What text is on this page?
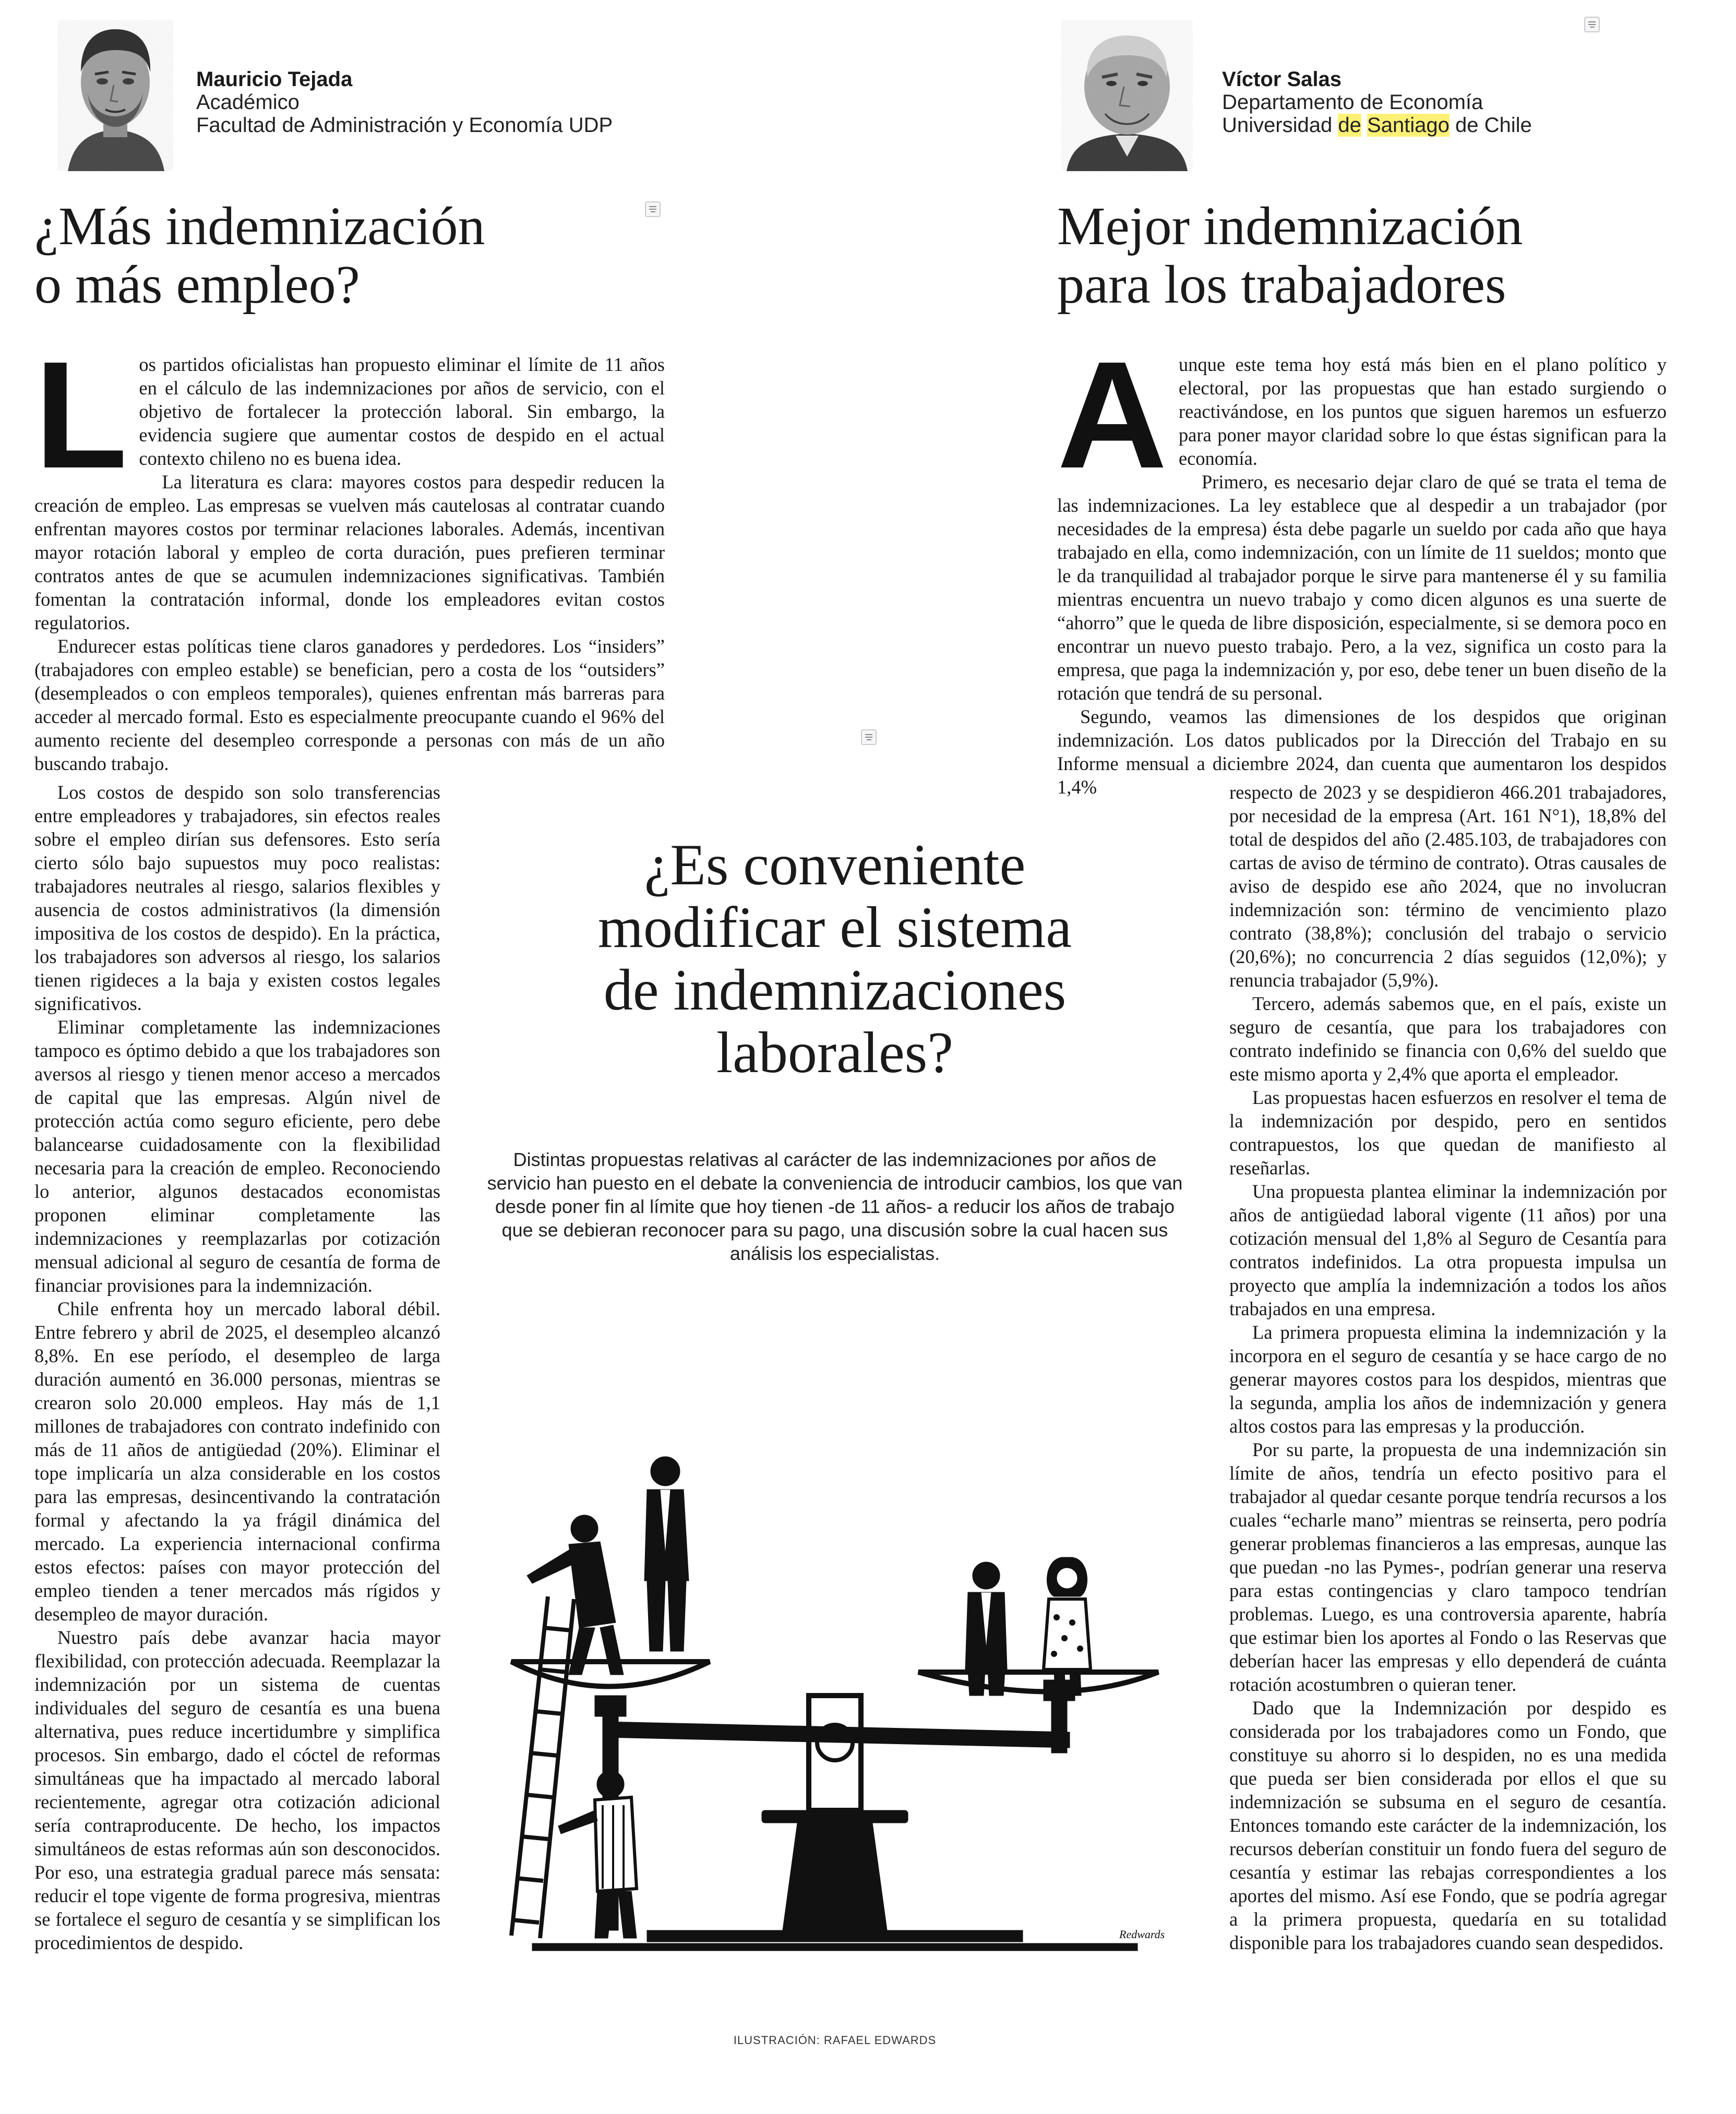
Mauricio Tejada
Académico
Facultad de Administración y Economía UDP
¿Más indemnización
o más empleo?
L os partidos oficialistas han propuesto eliminar el límite de 11 años en el cálculo de las indemnizaciones por años de servicio, con el objetivo de fortalecer la protección laboral. Sin embargo, la evidencia sugiere que aumentar costos de despido en el actual contexto chileno no es buena idea.

La literatura es clara: mayores costos para despedir reducen la creación de empleo. Las empresas se vuelven más cautelosas al contratar cuando enfrentan mayores costos por terminar relaciones laborales. Además, incentivan mayor rotación laboral y empleo de corta duración, pues prefieren terminar contratos antes de que se acumulen indemnizaciones significativas. También fomentan la contratación informal, donde los empleadores evitan costos regulatorios.

Endurecer estas políticas tiene claros ganadores y perdedores. Los “insiders” (trabajadores con empleo estable) se benefician, pero a costa de los “outsiders” (desempleados o con empleos temporales), quienes enfrentan más barreras para acceder al mercado formal. Esto es especialmente preocupante cuando el 96% del aumento reciente del desempleo corresponde a personas con más de un año buscando trabajo.

Los costos de despido son solo transferencias entre empleadores y trabajadores, sin efectos reales sobre el empleo dirían sus defensores. Esto sería cierto sólo bajo supuestos muy poco realistas: trabajadores neutrales al riesgo, salarios flexibles y ausencia de costos administrativos (la dimensión impositiva de los costos de despido). En la práctica, los trabajadores son adversos al riesgo, los salarios tienen rigideces a la baja y existen costos legales significativos.

Eliminar completamente las indemnizaciones tampoco es óptimo debido a que los trabajadores son aversos al riesgo y tienen menor acceso a mercados de capital que las empresas. Algún nivel de protección actúa como seguro eficiente, pero debe balancearse cuidadosamente con la flexibilidad necesaria para la creación de empleo. Reconociendo lo anterior, algunos destacados economistas proponen eliminar completamente las indemnizaciones y reemplazarlas por cotización mensual adicional al seguro de cesantía de forma de financiar provisiones para la indemnización.

Chile enfrenta hoy un mercado laboral débil. Entre febrero y abril de 2025, el desempleo alcanzó 8,8%. En ese período, el desempleo de larga duración aumentó en 36.000 personas, mientras se crearon solo 20.000 empleos. Hay más de 1,1 millones de trabajadores con contrato indefinido con más de 11 años de antigüedad (20%). Eliminar el tope implicaría un alza considerable en los costos para las empresas, desincentivando la contratación formal y afectando la ya frágil dinámica del mercado. La experiencia internacional confirma estos efectos: países con mayor protección del empleo tienden a tener mercados más rígidos y desempleo de mayor duración.

Nuestro país debe avanzar hacia mayor flexibilidad, con protección adecuada. Reemplazar la indemnización por un sistema de cuentas individuales del seguro de cesantía es una buena alternativa, pues reduce incertidumbre y simplifica procesos. Sin embargo, dado el cóctel de reformas simultáneas que ha impactado al mercado laboral recientemente, agregar otra cotización adicional sería contraproducente. De hecho, los impactos simultáneos de estas reformas aún son desconocidos. Por eso, una estrategia gradual parece más sensata: reducir el tope vigente de forma progresiva, mientras se fortalece el seguro de cesantía y se simplifican los procedimientos de despido.

Víctor Salas
Departamento de Economía
Universidad de Santiago de Chile
Mejor indemnización
para los trabajadores
A unque este tema hoy está más bien en el plano político y electoral, por las propuestas que han estado surgiendo o reactivándose, en los puntos que siguen haremos un esfuerzo para poner mayor claridad sobre lo que éstas significan para la economía.

Primero, es necesario dejar claro de qué se trata el tema de las indemnizaciones. La ley establece que al despedir a un trabajador (por necesidades de la empresa) ésta debe pagarle un sueldo por cada año que haya trabajado en ella, como indemnización, con un límite de 11 sueldos; monto que le da tranquilidad al trabajador porque le sirve para mantenerse él y su familia mientras encuentra un nuevo trabajo y como dicen algunos es una suerte de “ahorro” que le queda de libre disposición, especialmente, si se demora poco en encontrar un nuevo puesto trabajo. Pero, a la vez, significa un costo para la empresa, que paga la indemnización y, por eso, debe tener un buen diseño de la rotación que tendrá de su personal.

Segundo, veamos las dimensiones de los despidos que originan indemnización. Los datos publicados por la Dirección del Trabajo en su Informe mensual a diciembre 2024, dan cuenta que aumentaron los despidos 1,4%	respecto de 2023 y se despidieron 466.201 trabajadores, por necesidad de la empresa (Art. 161 N°1), 18,8% del total de despidos del año (2.485.103, de trabajadores con cartas de aviso de término de contrato). Otras causales de aviso de despido ese año 2024, que no involucran indemnización son: término de vencimiento plazo contrato (38,8%); conclusión del trabajo o servicio (20,6%); no concurrencia 2 días seguidos (12,0%); y renuncia trabajador (5,9%).

Tercero, además sabemos que, en el país, existe un seguro de cesantía, que para los trabajadores con contrato indefinido se financia con 0,6% del sueldo que este mismo aporta y 2,4% que aporta el empleador.

Las propuestas hacen esfuerzos en resolver el tema de la indemnización por despido, pero en sentidos contrapuestos, los que quedan de manifiesto al reseñarlas.

Una propuesta plantea eliminar la indemnización por años de antigüedad laboral vigente (11 años) por una cotización mensual del 1,8% al Seguro de Cesantía para contratos indefinidos. La otra propuesta impulsa un proyecto que amplía la indemnización a todos los años trabajados en una empresa.

La primera propuesta elimina la indemnización y la incorpora en el seguro de cesantía y se hace cargo de no generar mayores costos para los despidos, mientras que la segunda, amplia los años de indemnización y genera altos costos para las empresas y la producción.

Por su parte, la propuesta de una indemnización sin límite de años, tendría un efecto positivo para el trabajador al quedar cesante porque tendría recursos a los cuales “echarle mano” mientras se reinserta, pero podría generar problemas financieros a las empresas, aunque las que puedan -no las Pymes-, podrían generar una reserva para estas contingencias y claro tampoco tendrían problemas. Luego, es una controversia aparente, habría que estimar bien los aportes al Fondo o las Reservas que deberían hacer las empresas y ello dependerá de cuánta rotación acostumbren o quieran tener.

Dado que la Indemnización por despido es considerada por los trabajadores como un Fondo, que constituye su ahorro si lo despiden, no es una medida que pueda ser bien considerada por ellos el que su indemnización se subsuma en el seguro de cesantía. Entonces tomando este carácter de la indemnización, los recursos deberían constituir un fondo fuera del seguro de cesantía y estimar las rebajas correspondientes a los aportes del mismo. Así ese Fondo, que se podría agregar a la primera propuesta, quedaría en su totalidad disponible para los trabajadores cuando sean despedidos.

¿Es conveniente
modificar el sistema
de indemnizaciones
laborales?
Distintas propuestas relativas al carácter de las indemnizaciones por años de servicio han puesto en el debate la conveniencia de introducir cambios, los que van desde poner fin al límite que hoy tienen -de 11 años- a reducir los años de trabajo que se debieran reconocer para su pago, una discusión sobre la cual hacen sus análisis los especialistas.
Redwards
ILUSTRACIÓN: RAFAEL EDWARDS
